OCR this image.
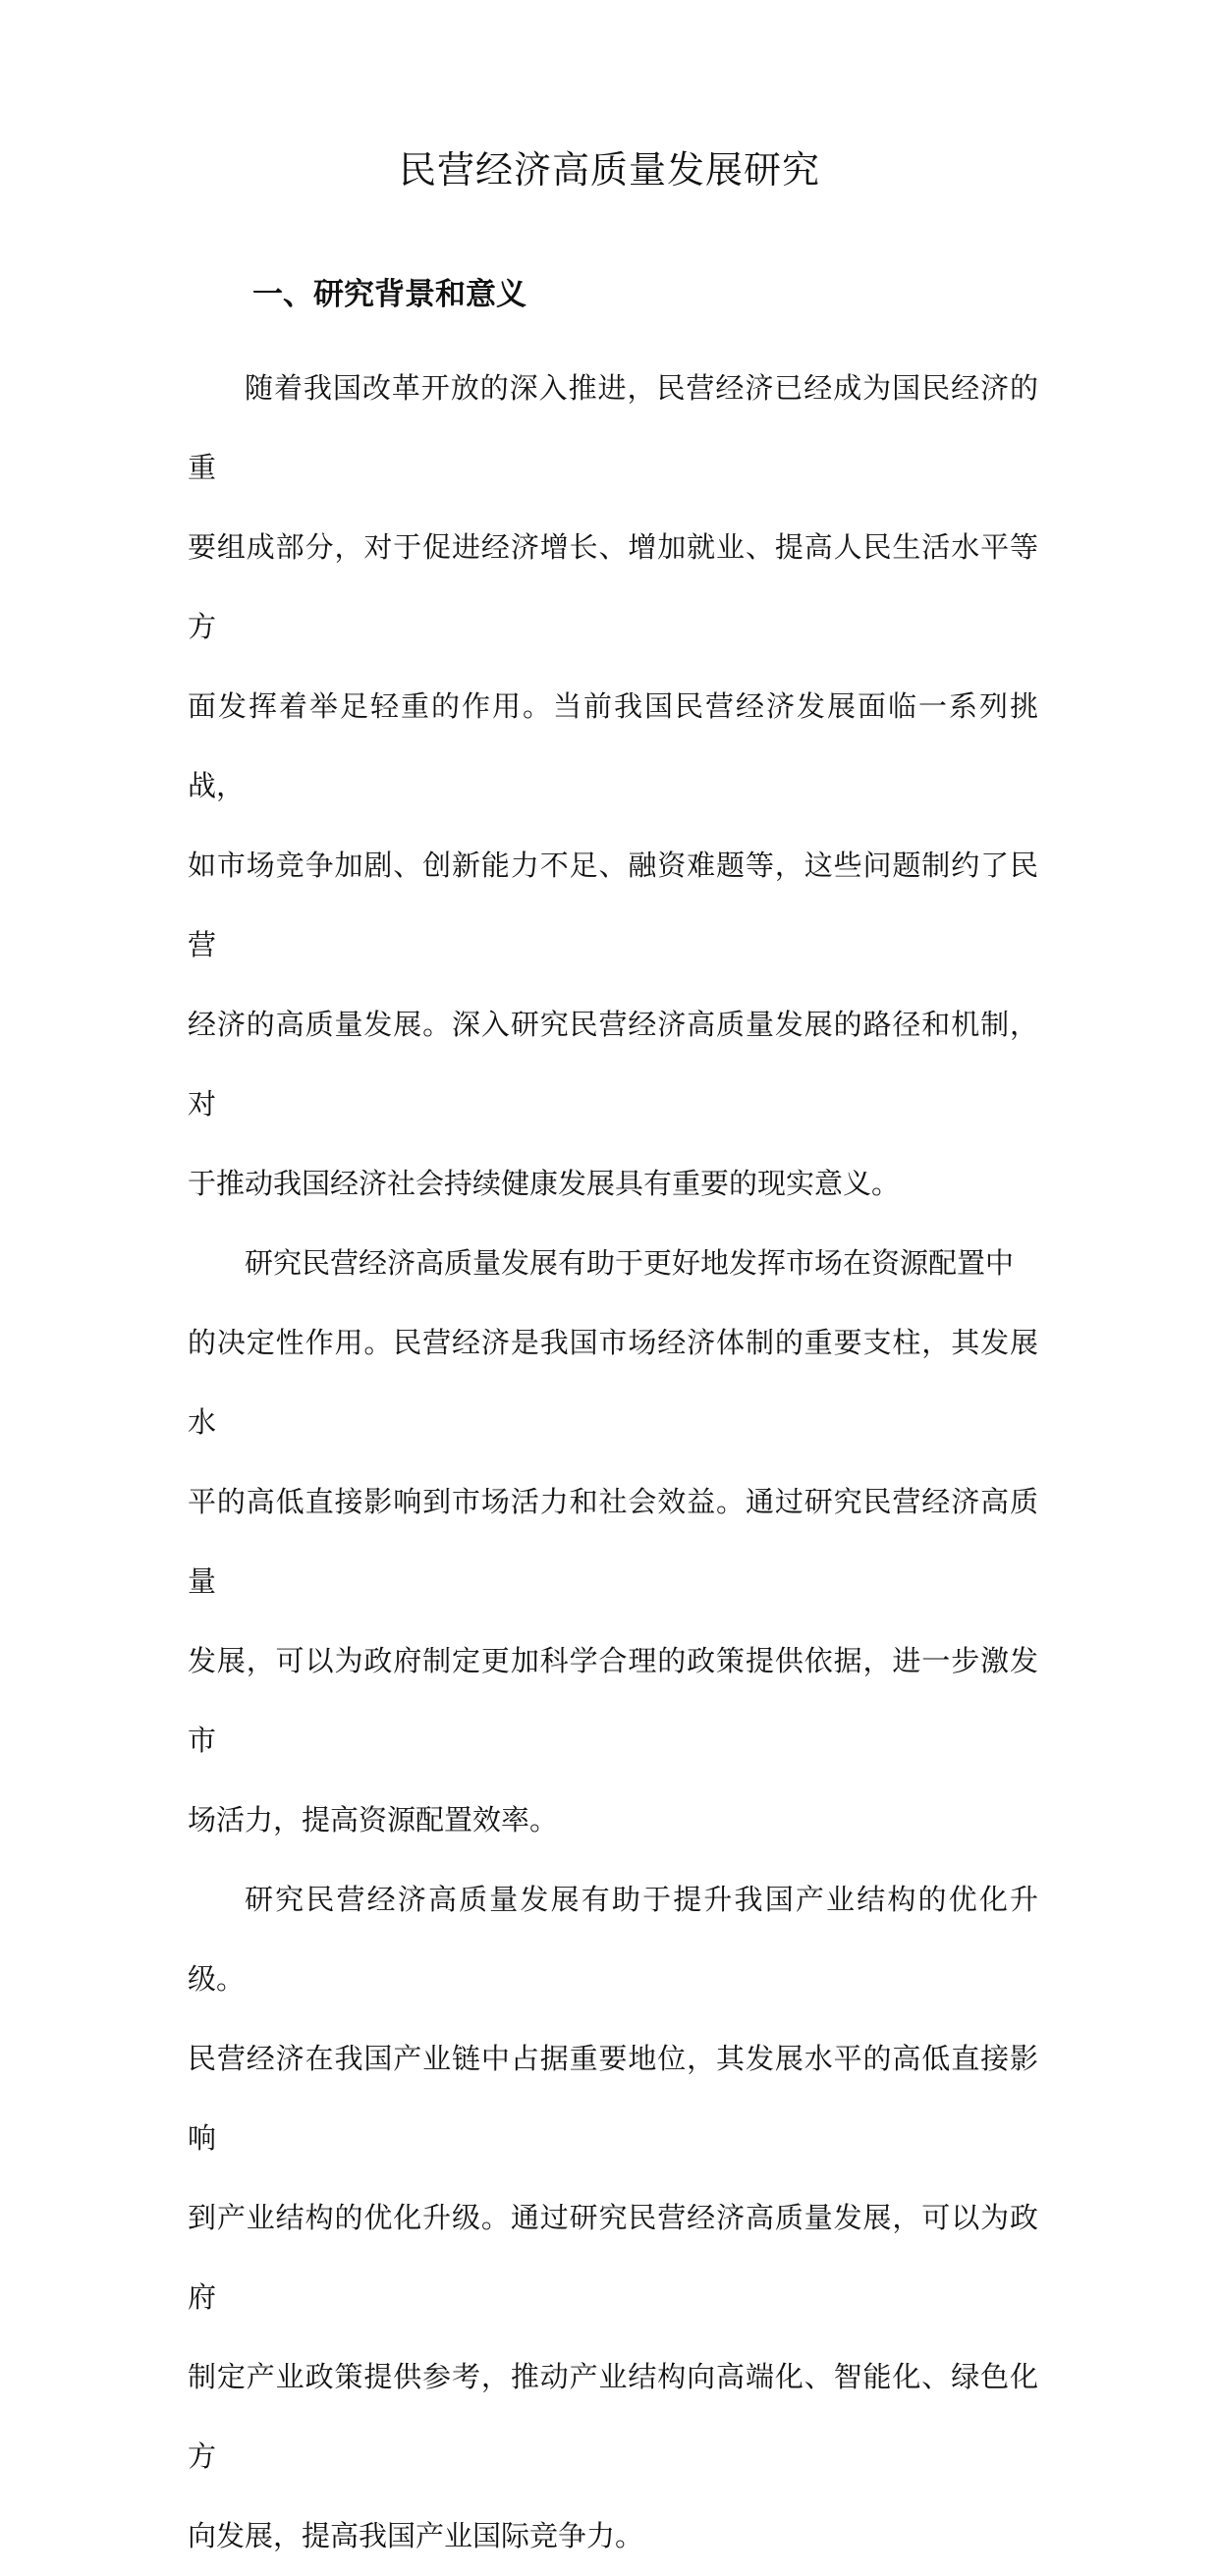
民营经济高质量发展研究
一、研究背景和意义

随着我国改革开放的深入推进，民营经济已经成为国民经济的重
要组成部分，对于促进经济增长、增加就业、提高人民生活水平等方
面发挥着举足轻重的作用。当前我国民营经济发展面临一系列挑战，
如市场竞争加剧、创新能力不足、融资难题等，这些问题制约了民营
经济的高质量发展。深入研究民营经济高质量发展的路径和机制，对
于推动我国经济社会持续健康发展具有重要的现实意义。

研究民营经济高质量发展有助于更好地发挥市场在资源配置中
的决定性作用。民营经济是我国市场经济体制的重要支柱，其发展水
平的高低直接影响到市场活力和社会效益。通过研究民营经济高质量
发展，可以为政府制定更加科学合理的政策提供依据，进一步激发市
场活力，提高资源配置效率。

研究民营经济高质量发展有助于提升我国产业结构的优化升级。
民营经济在我国产业链中占据重要地位，其发展水平的高低直接影响
到产业结构的优化升级。通过研究民营经济高质量发展，可以为政府
制定产业政策提供参考，推动产业结构向高端化、智能化、绿色化方
向发展，提高我国产业国际竞争力。
